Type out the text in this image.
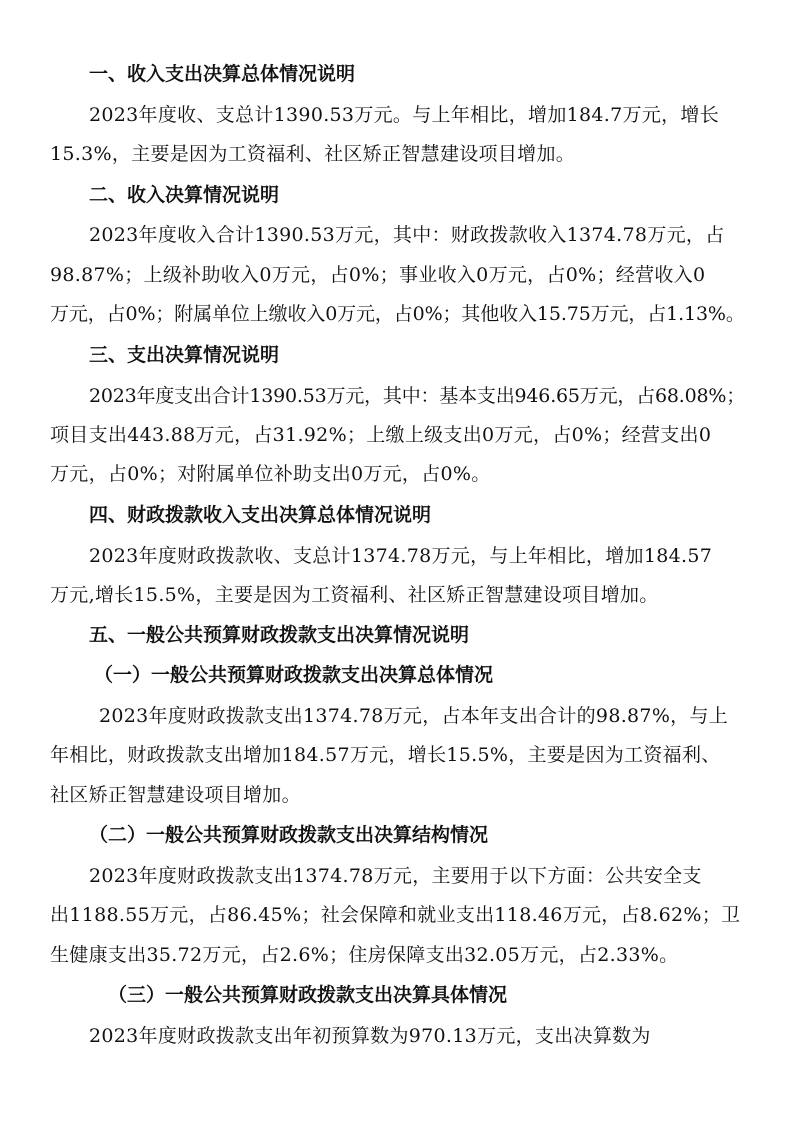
一、收入支出决算总体情况说明
2023年度收、支总计1390.53万元。与上年相比，增加184.7万元，增长
15.3%，主要是因为工资福利、社区矫正智慧建设项目增加。
二、收入决算情况说明
2023年度收入合计1390.53万元，其中：财政拨款收入1374.78万元，占
98.87%；上级补助收入0万元，占0%；事业收入0万元，占0%；经营收入0
万元，占0%；附属单位上缴收入0万元，占0%；其他收入15.75万元，占1.13%。
三、支出决算情况说明
2023年度支出合计1390.53万元，其中：基本支出946.65万元，占68.08%；
项目支出443.88万元，占31.92%；上缴上级支出0万元，占0%；经营支出0
万元，占0%；对附属单位补助支出0万元，占0%。
四、财政拨款收入支出决算总体情况说明
2023年度财政拨款收、支总计1374.78万元，与上年相比，增加184.57
万元,增长15.5%，主要是因为工资福利、社区矫正智慧建设项目增加。
五、一般公共预算财政拨款支出决算情况说明
（一）一般公共预算财政拨款支出决算总体情况
2023年度财政拨款支出1374.78万元，占本年支出合计的98.87%，与上
年相比，财政拨款支出增加184.57万元，增长15.5%，主要是因为工资福利、
社区矫正智慧建设项目增加。
（二）一般公共预算财政拨款支出决算结构情况
2023年度财政拨款支出1374.78万元，主要用于以下方面：公共安全支
出1188.55万元，占86.45%；社会保障和就业支出118.46万元，占8.62%；卫
生健康支出35.72万元，占2.6%；住房保障支出32.05万元，占2.33%。
（三）一般公共预算财政拨款支出决算具体情况
2023年度财政拨款支出年初预算数为970.13万元，支出决算数为
